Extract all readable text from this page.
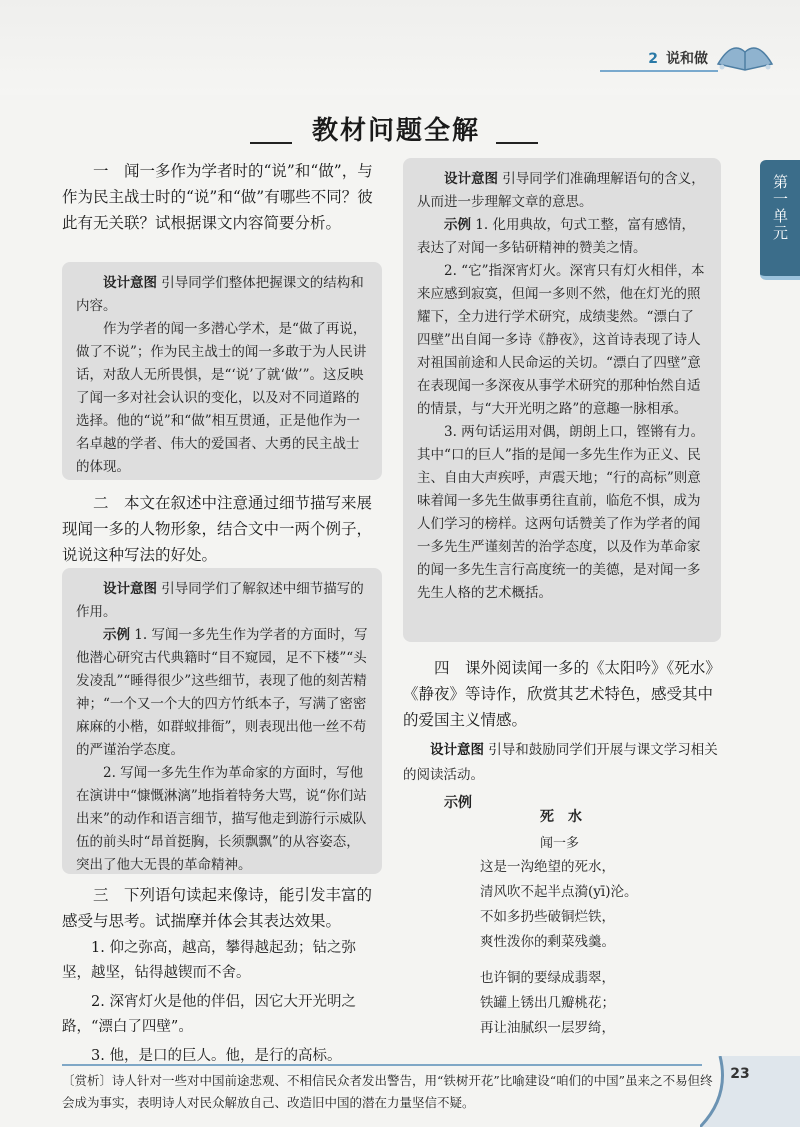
2 说和做
教材问题全解
第一单元
一　闻一多作为学者时的“说”和“做”，与作为民主战士时的“说”和“做”有哪些不同？彼此有无关联？试根据课文内容简要分析。

设计意图 引导同学们整体把握课文的结构和内容。

作为学者的闻一多潜心学术，是“做了再说，做了不说”；作为民主战士的闻一多敢于为人民讲话，对敌人无所畏惧，是“‘说’了就‘做’”。这反映了闻一多对社会认识的变化，以及对不同道路的选择。他的“说”和“做”相互贯通，正是他作为一名卓越的学者、伟大的爱国者、大勇的民主战士的体现。

二　本文在叙述中注意通过细节描写来展现闻一多的人物形象，结合文中一两个例子，说说这种写法的好处。

设计意图 引导同学们了解叙述中细节描写的作用。

示例 1. 写闻一多先生作为学者的方面时，写他潜心研究古代典籍时“目不窥园，足不下楼”“头发凌乱”“睡得很少”这些细节，表现了他的刻苦精神；“一个又一个大的四方竹纸本子，写满了密密麻麻的小楷，如群蚁排衙”，则表现出他一丝不苟的严谨治学态度。

2. 写闻一多先生作为革命家的方面时，写他在演讲中“慷慨淋漓”地指着特务大骂，说“你们站出来”的动作和语言细节，描写他走到游行示威队伍的前头时“昂首挺胸，长须飘飘”的从容姿态，突出了他大无畏的革命精神。

三　下列语句读起来像诗，能引发丰富的感受与思考。试揣摩并体会其表达效果。
1. 仰之弥高，越高，攀得越起劲；钻之弥坚，越坚，钻得越锲而不舍。
2. 深宵灯火是他的伴侣，因它大开光明之路，“漂白了四壁”。
3. 他，是口的巨人。他，是行的高标。

设计意图 引导同学们准确理解语句的含义，从而进一步理解文章的意思。

示例 1. 化用典故，句式工整，富有感情，表达了对闻一多钻研精神的赞美之情。

2. “它”指深宵灯火。深宵只有灯火相伴，本来应感到寂寞，但闻一多则不然，他在灯光的照耀下，全力进行学术研究，成绩斐然。“漂白了四壁”出自闻一多诗《静夜》，这首诗表现了诗人对祖国前途和人民命运的关切。“漂白了四壁”意在表现闻一多深夜从事学术研究的那种怡然自适的情景，与“大开光明之路”的意趣一脉相承。

3. 两句话运用对偶，朗朗上口，铿锵有力。其中“口的巨人”指的是闻一多先生作为正义、民主、自由大声疾呼，声震天地；“行的高标”则意味着闻一多先生做事勇往直前，临危不惧，成为人们学习的榜样。这两句话赞美了作为学者的闻一多先生严谨刻苦的治学态度，以及作为革命家的闻一多先生言行高度统一的美德，是对闻一多先生人格的艺术概括。

四　课外阅读闻一多的《太阳吟》《死水》《静夜》等诗作，欣赏其艺术特色，感受其中的爱国主义情感。
设计意图 引导和鼓励同学们开展与课文学习相关的阅读活动。
示例
死　水
闻一多
这是一沟绝望的死水，
清风吹不起半点漪(yī)沦。
不如多扔些破铜烂铁，
爽性泼你的剩菜残羹。
也许铜的要绿成翡翠，
铁罐上锈出几瓣桃花；
再让油腻织一层罗绮，
〔赏析〕诗人针对一些对中国前途悲观、不相信民众者发出警告，用“铁树开花”比喻建设“咱们的中国”虽来之不易但终会成为事实，表明诗人对民众解放自己、改造旧中国的潜在力量坚信不疑。
23
